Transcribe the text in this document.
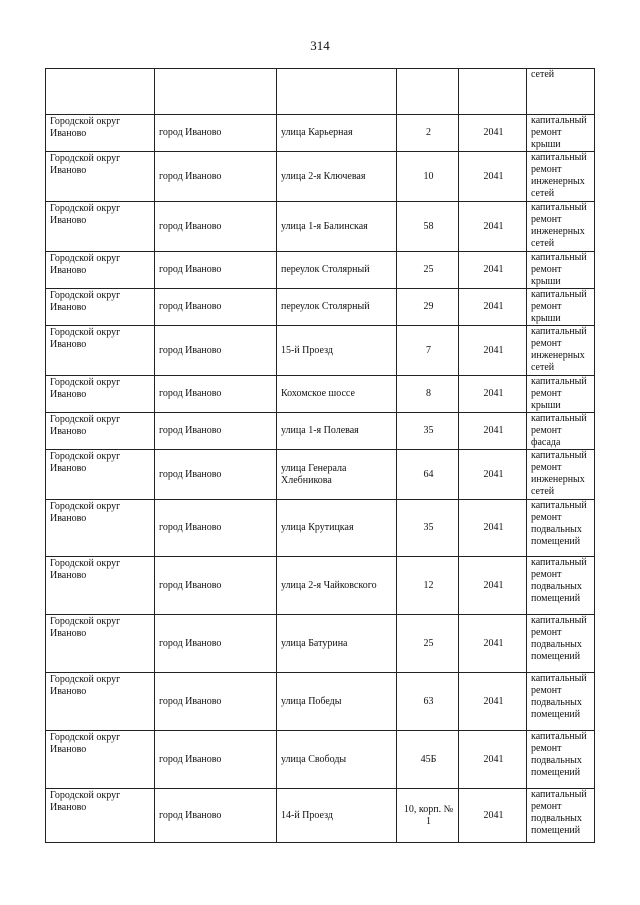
314
					сетей
Городской округ Иваново	город Иваново	улица Карьерная	2	2041	капитальный ремонт крыши
Городской округ Иваново	город Иваново	улица 2-я Ключевая	10	2041	капитальный ремонт инженерных сетей
Городской округ Иваново	город Иваново	улица 1-я Балинская	58	2041	капитальный ремонт инженерных сетей
Городской округ Иваново	город Иваново	переулок Столярный	25	2041	капитальный ремонт крыши
Городской округ Иваново	город Иваново	переулок Столярный	29	2041	капитальный ремонт крыши
Городской округ Иваново	город Иваново	15-й Проезд	7	2041	капитальный ремонт инженерных сетей
Городской округ Иваново	город Иваново	Кохомское шоссе	8	2041	капитальный ремонт крыши
Городской округ Иваново	город Иваново	улица 1-я Полевая	35	2041	капитальный ремонт фасада
Городской округ Иваново	город Иваново	улица Генерала Хлебникова	64	2041	капитальный ремонт инженерных сетей
Городской округ Иваново	город Иваново	улица Крутицкая	35	2041	капитальный ремонт подвальных помещений
Городской округ Иваново	город Иваново	улица 2-я Чайковского	12	2041	капитальный ремонт подвальных помещений
Городской округ Иваново	город Иваново	улица Батурина	25	2041	капитальный ремонт подвальных помещений
Городской округ Иваново	город Иваново	улица Победы	63	2041	капитальный ремонт подвальных помещений
Городской округ Иваново	город Иваново	улица Свободы	45Б	2041	капитальный ремонт подвальных помещений
Городской округ Иваново	город Иваново	14-й Проезд	10, корп. № 1	2041	капитальный ремонт подвальных помещений
